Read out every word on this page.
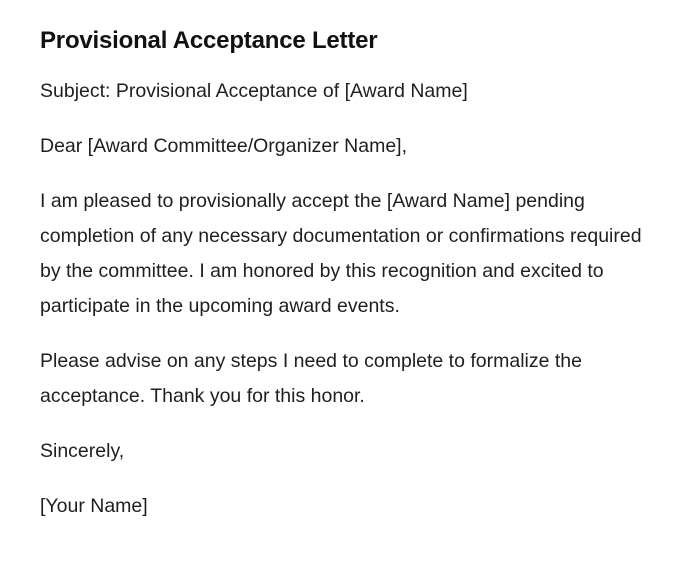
Provisional Acceptance Letter

Subject: Provisional Acceptance of [Award Name]

Dear [Award Committee/Organizer Name],

I am pleased to provisionally accept the [Award Name] pending completion of any necessary documentation or confirmations required by the committee. I am honored by this recognition and excited to participate in the upcoming award events.

Please advise on any steps I need to complete to formalize the acceptance. Thank you for this honor.

Sincerely,

[Your Name]
